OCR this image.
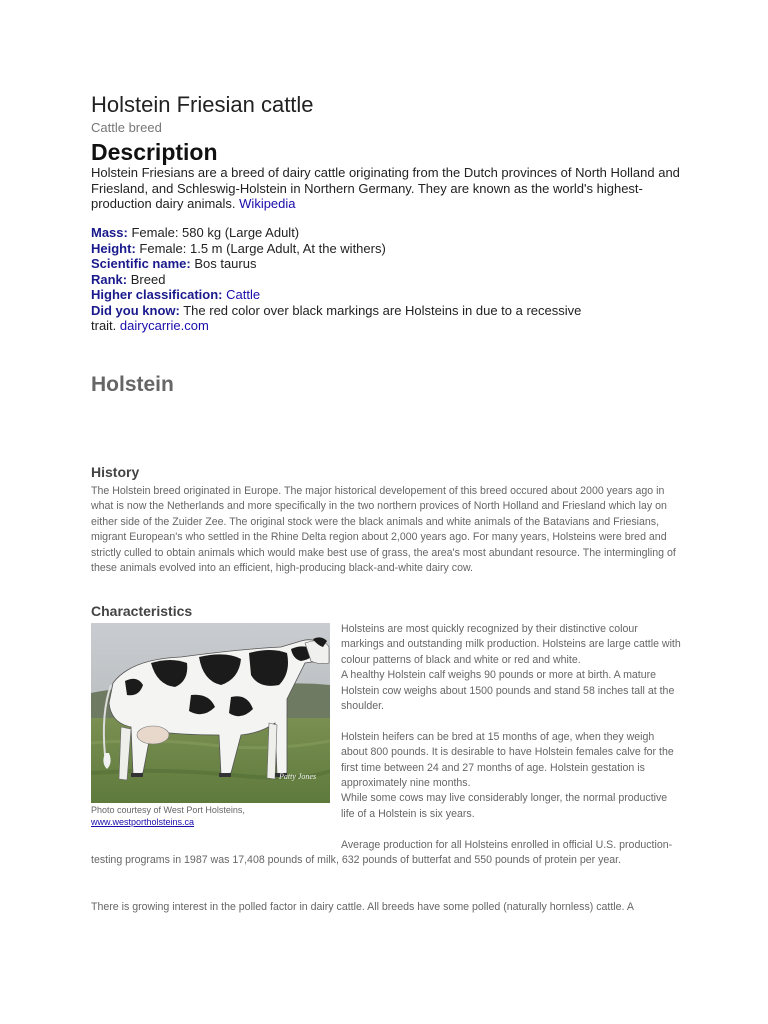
Holstein Friesian cattle
Cattle breed
Description
Holstein Friesians are a breed of dairy cattle originating from the Dutch provinces of North Holland and Friesland, and Schleswig-Holstein in Northern Germany. They are known as the world's highest-production dairy animals. Wikipedia
Mass: Female: 580 kg (Large Adult)
Height: Female: 1.5 m (Large Adult, At the withers)
Scientific name: Bos taurus
Rank: Breed
Higher classification: Cattle
Did you know: The red color over black markings are Holsteins in due to a recessive trait. dairycarrie.com
Holstein
History
The Holstein breed originated in Europe. The major historical developement of this breed occured about 2000 years ago in what is now the Netherlands and more specifically in the two northern provices of North Holland and Friesland which lay on either side of the Zuider Zee. The original stock were the black animals and white animals of the Batavians and Friesians, migrant European's who settled in the Rhine Delta region about 2,000 years ago. For many years, Holsteins were bred and strictly culled to obtain animals which would make best use of grass, the area's most abundant resource. The intermingling of these animals evolved into an efficient, high-producing black-and-white dairy cow.
Characteristics
Patty Jones
Photo courtesy of West Port Holsteins, www.westportholsteins.ca

Holsteins are most quickly recognized by their distinctive colour markings and outstanding milk production. Holsteins are large cattle with colour patterns of black and white or red and white.

A healthy Holstein calf weighs 90 pounds or more at birth. A mature Holstein cow weighs about 1500 pounds and stand 58 inches tall at the shoulder.

Holstein heifers can be bred at 15 months of age, when they weigh about 800 pounds. It is desirable to have Holstein females calve for the first time between 24 and 27 months of age. Holstein gestation is approximately nine months.

While some cows may live considerably longer, the normal productive life of a Holstein is six years.

Average production for all Holsteins enrolled in official U.S. production-testing programs in 1987 was 17,408 pounds of milk, 632 pounds of butterfat and 550 pounds of protein per year.
There is growing interest in the polled factor in dairy cattle. All breeds have some polled (naturally hornless) cattle. A
